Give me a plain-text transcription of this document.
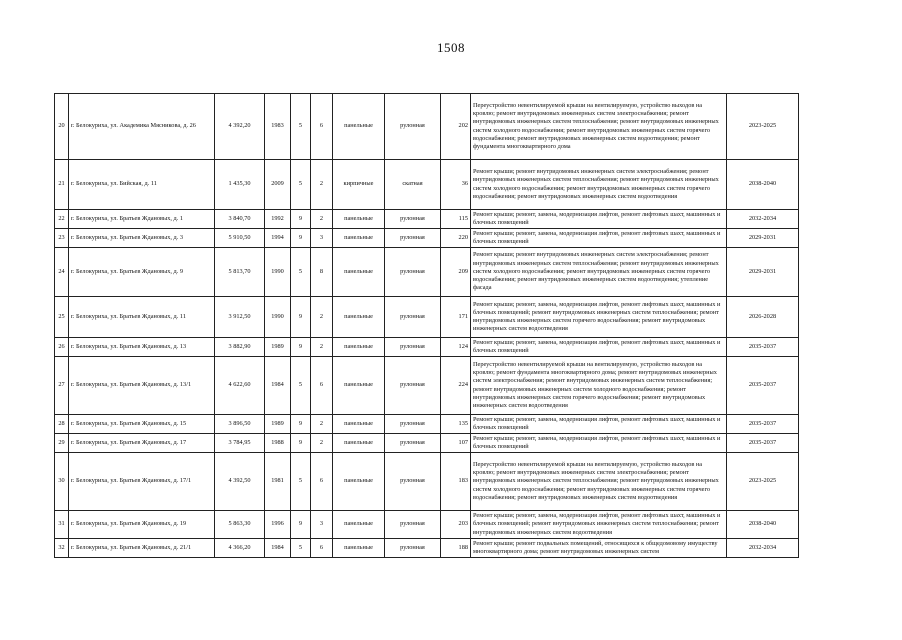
1508
20	г. Белокуриха, ул. Академика Мясникова, д. 26	4 392,20	1983	5	6	панельные	рулонная	202	Переустройство невентилируемой крыши на вентилируемую, устройство выходов на кровлю; ремонт внутридомовых инженерных систем электроснабжения; ремонт внутридомовых инженерных систем теплоснабжения; ремонт внутридомовых инженерных систем холодного водоснабжения; ремонт внутридомовых инженерных систем горячего водоснабжения; ремонт внутридомовых инженерных систем водоотведения; ремонт фундамента многоквартирного дома	2023-2025
21	г. Белокуриха, ул. Бийская, д. 11	1 435,30	2009	5	2	кирпичные	скатная	36	Ремонт крыши; ремонт внутридомовых инженерных систем электроснабжения; ремонт внутридомовых инженерных систем теплоснабжения; ремонт внутридомовых инженерных систем холодного водоснабжения; ремонт внутридомовых инженерных систем горячего водоснабжения; ремонт внутридомовых инженерных систем водоотведения	2038-2040
22	г. Белокуриха, ул. Братьев Ждановых, д. 1	3 840,70	1992	9	2	панельные	рулонная	115	Ремонт крыши; ремонт, замена, модернизация лифтов, ремонт лифтовых шахт, машинных и блочных помещений	2032-2034
23	г. Белокуриха, ул. Братьев Ждановых, д. 3	5 910,50	1994	9	3	панельные	рулонная	220	Ремонт крыши; ремонт, замена, модернизация лифтов, ремонт лифтовых шахт, машинных и блочных помещений	2029-2031
24	г. Белокуриха, ул. Братьев Ждановых, д. 9	5 813,70	1990	5	8	панельные	рулонная	209	Ремонт крыши; ремонт внутридомовых инженерных систем электроснабжения; ремонт внутридомовых инженерных систем теплоснабжения; ремонт внутридомовых инженерных систем холодного водоснабжения; ремонт внутридомовых инженерных систем горячего водоснабжения; ремонт внутридомовых инженерных систем водоотведения; утепление фасада	2029-2031
25	г. Белокуриха, ул. Братьев Ждановых, д. 11	3 912,50	1990	9	2	панельные	рулонная	171	Ремонт крыши; ремонт, замена, модернизация лифтов, ремонт лифтовых шахт, машинных и блочных помещений; ремонт внутридомовых инженерных систем теплоснабжения; ремонт внутридомовых инженерных систем горячего водоснабжения; ремонт внутридомовых инженерных систем водоотведения	2026-2028
26	г. Белокуриха, ул. Братьев Ждановых, д. 13	3 882,90	1989	9	2	панельные	рулонная	124	Ремонт крыши; ремонт, замена, модернизация лифтов, ремонт лифтовых шахт, машинных и блочных помещений	2035-2037
27	г. Белокуриха, ул. Братьев Ждановых, д. 13/1	4 622,60	1984	5	6	панельные	рулонная	224	Переустройство невентилируемой крыши на вентилируемую, устройство выходов на кровлю; ремонт фундамента многоквартирного дома; ремонт внутридомовых инженерных систем электроснабжения; ремонт внутридомовых инженерных систем теплоснабжения; ремонт внутридомовых инженерных систем холодного водоснабжения; ремонт внутридомовых инженерных систем горячего водоснабжения; ремонт внутридомовых инженерных систем водоотведения	2035-2037
28	г. Белокуриха, ул. Братьев Ждановых, д. 15	3 896,50	1989	9	2	панельные	рулонная	135	Ремонт крыши; ремонт, замена, модернизация лифтов, ремонт лифтовых шахт, машинных и блочных помещений	2035-2037
29	г. Белокуриха, ул. Братьев Ждановых, д. 17	3 784,95	1988	9	2	панельные	рулонная	107	Ремонт крыши; ремонт, замена, модернизация лифтов, ремонт лифтовых шахт, машинных и блочных помещений	2035-2037
30	г. Белокуриха, ул. Братьев Ждановых, д. 17/1	4 392,50	1981	5	6	панельные	рулонная	183	Переустройство невентилируемой крыши на вентилируемую, устройство выходов на кровлю; ремонт внутридомовых инженерных систем электроснабжения; ремонт внутридомовых инженерных систем теплоснабжения; ремонт внутридомовых инженерных систем холодного водоснабжения; ремонт внутридомовых инженерных систем горячего водоснабжения; ремонт внутридомовых инженерных систем водоотведения	2023-2025
31	г. Белокуриха, ул. Братьев Ждановых, д. 19	5 863,30	1996	9	3	панельные	рулонная	203	Ремонт крыши; ремонт, замена, модернизация лифтов, ремонт лифтовых шахт, машинных и блочных помещений; ремонт внутридомовых инженерных систем теплоснабжения; ремонт внутридомовых инженерных систем водоотведения	2038-2040
32	г. Белокуриха, ул. Братьев Ждановых, д. 21/1	4 366,20	1984	5	6	панельные	рулонная	188	Ремонт крыши; ремонт подвальных помещений, относящихся к общедомовому имуществу многоквартирного дома; ремонт внутридомовых инженерных систем	2032-2034
